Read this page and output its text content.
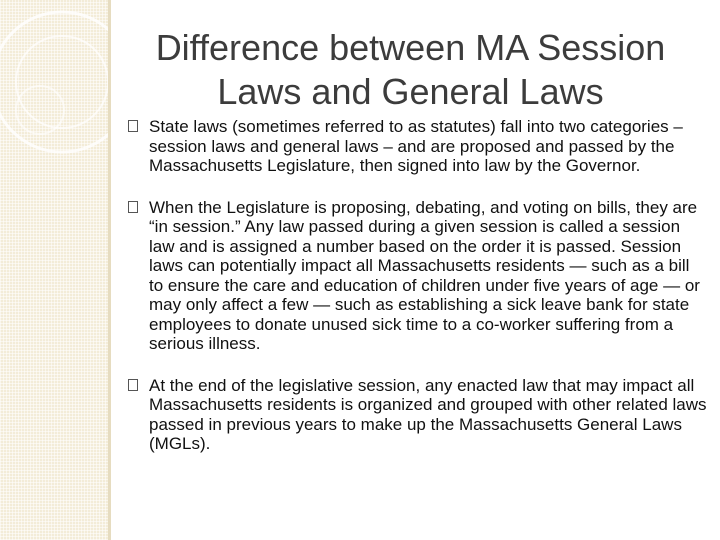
Difference between MA Session
Laws and General Laws
State laws (sometimes referred to as statutes) fall into two categories – session laws and general laws – and are proposed and passed by the Massachusetts Legislature, then signed into law by the Governor.
When the Legislature is proposing, debating, and voting on bills, they are “in session.” Any law passed during a given session is called a session law and is assigned a number based on the order it is passed. Session laws can potentially impact all Massachusetts residents — such as a bill to ensure the care and education of children under five years of age — or may only affect a few — such as establishing a sick leave bank for state employees to donate unused sick time to a co-worker suffering from a serious illness.
At the end of the legislative session, any enacted law that may impact all Massachusetts residents is organized and grouped with other related laws passed in previous years to make up the Massachusetts General Laws (MGLs).
